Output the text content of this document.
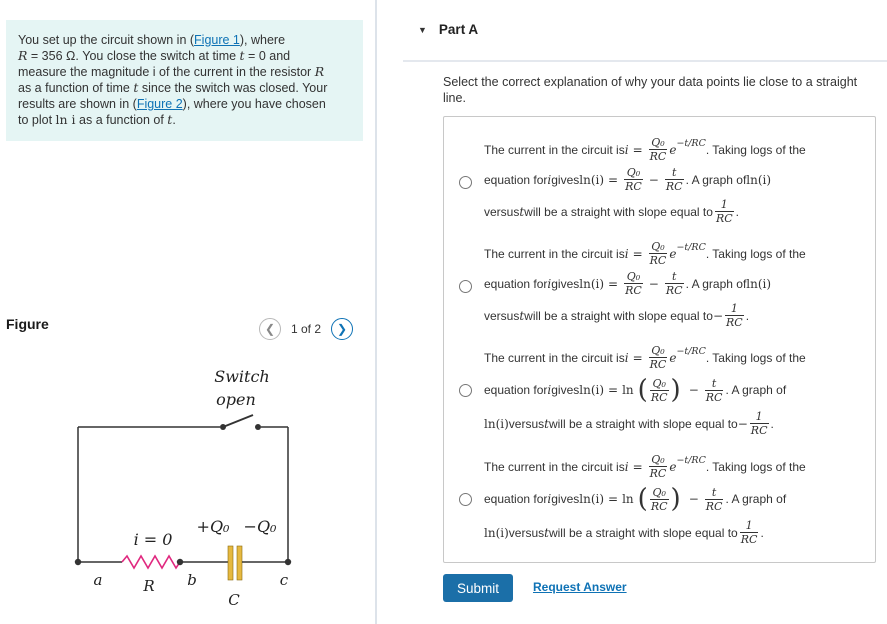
You set up the circuit shown in (Figure 1), where
R = 356 Ω. You close the switch at time t = 0 and
measure the magnitude i of the current in the resistor R
as a function of time t since the switch was closed. Your
results are shown in (Figure 2), where you have chosen
to plot ln i as a function of t.
Figure	❮	1 of 2	❯
Switch
open
+Q₀ −Q₀
i = 0
a	R b
C
c
▼ Part A
Select the correct explanation of why your data points lie close to a straight line.
The current in the circuit is $i = \frac{\text{Q₀}}{RC}$ e −t/RC . Taking logs of the
equation for i gives $\ln(i) = \frac{\text{Q₀}}{RC} - \frac{t}{RC}$ . A graph of ln(i)
versus t will be a straight with slope equal to $\frac{1}{RC}$ .
The current in the circuit is $i = \frac{\text{Q₀}}{RC}$ e −t/RC . Taking logs of the
equation for i gives $\ln(i) = \frac{\text{Q₀}}{RC} - \frac{t}{RC}$ . A graph of ln(i)
versus t will be a straight with slope equal to − $\frac{1}{RC}$ .
The current in the circuit is $i = \frac{\text{Q₀}}{RC}$ e −t/RC . Taking logs of the
equation for i gives ln(i) = ln ( $\frac{\text{Q₀}}{RC}$ ) − $\frac{t}{RC}$ . A graph of
ln(i) versus t will be a straight with slope equal to − $\frac{1}{RC}$ .
The current in the circuit is $i = \frac{\text{Q₀}}{RC}$ e −t/RC . Taking logs of the
equation for i gives ln(i) = ln ( $\frac{\text{Q₀}}{RC}$ ) − $\frac{t}{RC}$ . A graph of
ln(i) versus t will be a straight with slope equal to $\frac{1}{RC}$ .
Submit	Request Answer
